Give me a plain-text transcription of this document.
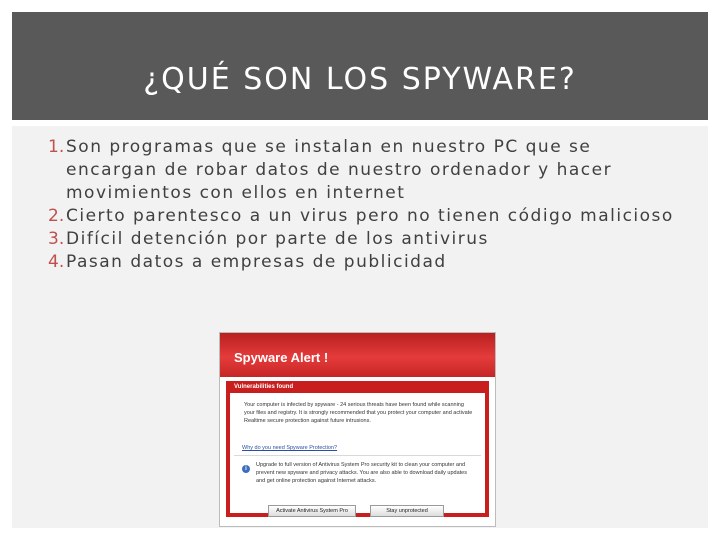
¿QUÉ SON LOS SPYWARE?
1. Son programas que se instalan en nuestro PC que se encargan de robar datos de nuestro ordenador y hacer movimientos con ellos en internet
2. Cierto parentesco a un virus pero no tienen código malicioso
3. Difícil detención por parte de los antivirus
4. Pasan datos a empresas de publicidad
Spyware Alert !
Vulnerabilities found
Your computer is infected by spyware - 24 serious threats have been found while scanning your files and registry. It is strongly recommended that you protect your computer and activate Realtime secure protection against future intrusions.
Why do you need Spyware Protection?
i
Upgrade to full version of Antivirus System Pro security kit to clean your computer and prevent new spyware and privacy attacks. You are also able to download daily updates and get online protection against Internet attacks.
Activate Antivirus System Pro	Stay unprotected
